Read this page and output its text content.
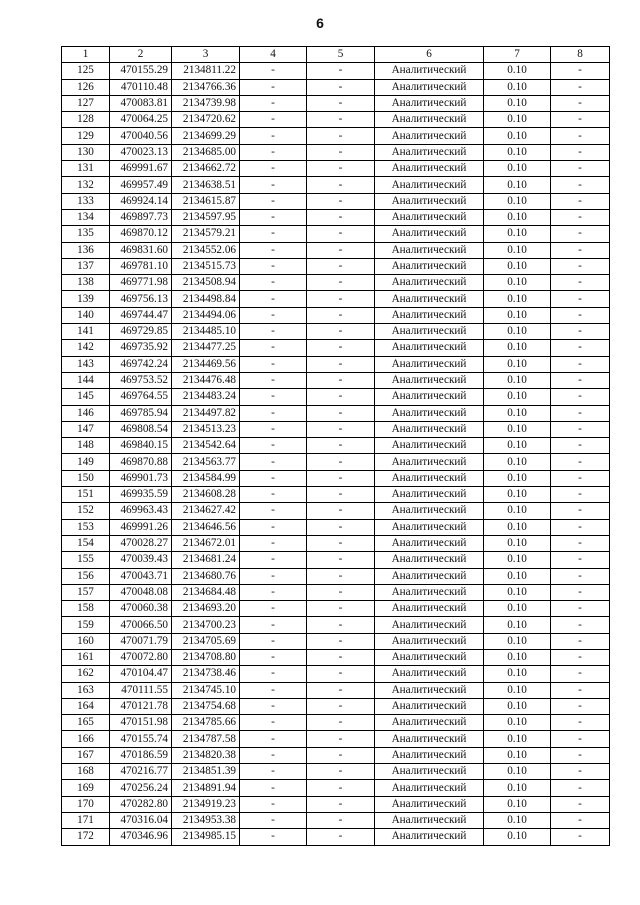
6
1	2	3	4	5	6	7	8
125	470155.29	2134811.22	-	-	Аналитический	0.10	-
126	470110.48	2134766.36	-	-	Аналитический	0.10	-
127	470083.81	2134739.98	-	-	Аналитический	0.10	-
128	470064.25	2134720.62	-	-	Аналитический	0.10	-
129	470040.56	2134699.29	-	-	Аналитический	0.10	-
130	470023.13	2134685.00	-	-	Аналитический	0.10	-
131	469991.67	2134662.72	-	-	Аналитический	0.10	-
132	469957.49	2134638.51	-	-	Аналитический	0.10	-
133	469924.14	2134615.87	-	-	Аналитический	0.10	-
134	469897.73	2134597.95	-	-	Аналитический	0.10	-
135	469870.12	2134579.21	-	-	Аналитический	0.10	-
136	469831.60	2134552.06	-	-	Аналитический	0.10	-
137	469781.10	2134515.73	-	-	Аналитический	0.10	-
138	469771.98	2134508.94	-	-	Аналитический	0.10	-
139	469756.13	2134498.84	-	-	Аналитический	0.10	-
140	469744.47	2134494.06	-	-	Аналитический	0.10	-
141	469729.85	2134485.10	-	-	Аналитический	0.10	-
142	469735.92	2134477.25	-	-	Аналитический	0.10	-
143	469742.24	2134469.56	-	-	Аналитический	0.10	-
144	469753.52	2134476.48	-	-	Аналитический	0.10	-
145	469764.55	2134483.24	-	-	Аналитический	0.10	-
146	469785.94	2134497.82	-	-	Аналитический	0.10	-
147	469808.54	2134513.23	-	-	Аналитический	0.10	-
148	469840.15	2134542.64	-	-	Аналитический	0.10	-
149	469870.88	2134563.77	-	-	Аналитический	0.10	-
150	469901.73	2134584.99	-	-	Аналитический	0.10	-
151	469935.59	2134608.28	-	-	Аналитический	0.10	-
152	469963.43	2134627.42	-	-	Аналитический	0.10	-
153	469991.26	2134646.56	-	-	Аналитический	0.10	-
154	470028.27	2134672.01	-	-	Аналитический	0.10	-
155	470039.43	2134681.24	-	-	Аналитический	0.10	-
156	470043.71	2134680.76	-	-	Аналитический	0.10	-
157	470048.08	2134684.48	-	-	Аналитический	0.10	-
158	470060.38	2134693.20	-	-	Аналитический	0.10	-
159	470066.50	2134700.23	-	-	Аналитический	0.10	-
160	470071.79	2134705.69	-	-	Аналитический	0.10	-
161	470072.80	2134708.80	-	-	Аналитический	0.10	-
162	470104.47	2134738.46	-	-	Аналитический	0.10	-
163	470111.55	2134745.10	-	-	Аналитический	0.10	-
164	470121.78	2134754.68	-	-	Аналитический	0.10	-
165	470151.98	2134785.66	-	-	Аналитический	0.10	-
166	470155.74	2134787.58	-	-	Аналитический	0.10	-
167	470186.59	2134820.38	-	-	Аналитический	0.10	-
168	470216.77	2134851.39	-	-	Аналитический	0.10	-
169	470256.24	2134891.94	-	-	Аналитический	0.10	-
170	470282.80	2134919.23	-	-	Аналитический	0.10	-
171	470316.04	2134953.38	-	-	Аналитический	0.10	-
172	470346.96	2134985.15	-	-	Аналитический	0.10	-
